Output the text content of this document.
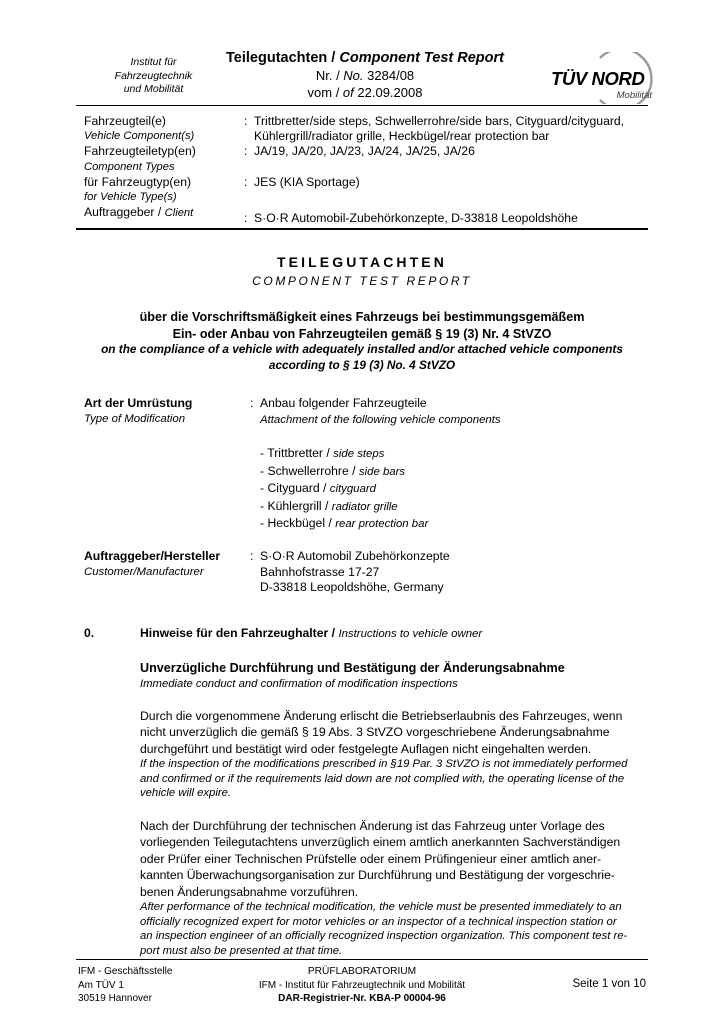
Institut für
Fahrzeugtechnik
und Mobilität
Teilegutachten / Component Test Report
Nr. / No. 3284/08
vom / of 22.09.2008
TÜV NORD
Mobilität
Fahrzeugteil(e)
Vehicle Component(s)
: Trittbretter/side steps, Schwellerrohre/side bars, Cityguard/cityguard,
Kühlergrill/radiator grille, Heckbügel/rear protection bar
Fahrzeugteiletyp(en)
Component Types
: JA/19, JA/20, JA/23, JA/24, JA/25, JA/26
für Fahrzeugtyp(en)
for Vehicle Type(s)
: JES (KIA Sportage)
Auftraggeber / Client	: S·O·R Automobil-Zubehörkonzepte, D-33818 Leopoldshöhe
TEILEGUTACHTEN
COMPONENT TEST REPORT
über die Vorschriftsmäßigkeit eines Fahrzeugs bei bestimmungsgemäßem
Ein- oder Anbau von Fahrzeugteilen gemäß § 19 (3) Nr. 4 StVZO
on the compliance of a vehicle with adequately installed and/or attached vehicle components
according to § 19 (3) No. 4 StVZO
Art der Umrüstung
Type of Modification
: Anbau folgender Fahrzeugteile
Attachment of the following vehicle components
- Trittbretter / side steps
- Schwellerrohre / side bars
- Cityguard / cityguard
- Kühlergrill / radiator grille
- Heckbügel / rear protection bar
Auftraggeber/Hersteller
Customer/Manufacturer
: S·O·R Automobil Zubehörkonzepte
Bahnhofstrasse 17-27
D-33818 Leopoldshöhe, Germany
0.	Hinweise für den Fahrzeughalter / Instructions to vehicle owner
Unverzügliche Durchführung und Bestätigung der Änderungsabnahme
Immediate conduct and confirmation of modification inspections
Durch die vorgenommene Änderung erlischt die Betriebserlaubnis des Fahrzeuges, wenn
nicht unverzüglich die gemäß § 19 Abs. 3 StVZO vorgeschriebene Änderungsabnahme
durchgeführt und bestätigt wird oder festgelegte Auflagen nicht eingehalten werden.
If the inspection of the modifications prescribed in §19 Par. 3 StVZO is not immediately performed
and confirmed or if the requirements laid down are not complied with, the operating license of the
vehicle will expire.
Nach der Durchführung der technischen Änderung ist das Fahrzeug unter Vorlage des
vorliegenden Teilegutachtens unverzüglich einem amtlich anerkannten Sachverständigen
oder Prüfer einer Technischen Prüfstelle oder einem Prüfingenieur einer amtlich aner-
kannten Überwachungsorganisation zur Durchführung und Bestätigung der vorgeschrie-
benen Änderungsabnahme vorzuführen.
After performance of the technical modification, the vehicle must be presented immediately to an
officially recognized expert for motor vehicles or an inspector of a technical inspection station or
an inspection engineer of an officially recognized inspection organization. This component test re-
port must also be presented at that time.
IFM - Geschäftsstelle
Am TÜV 1
30519 Hannover
PRÜFLABORATORIUM
IFM - Institut für Fahrzeugtechnik und Mobilität
DAR-Registrier-Nr. KBA-P 00004-96
Seite 1 von 10
